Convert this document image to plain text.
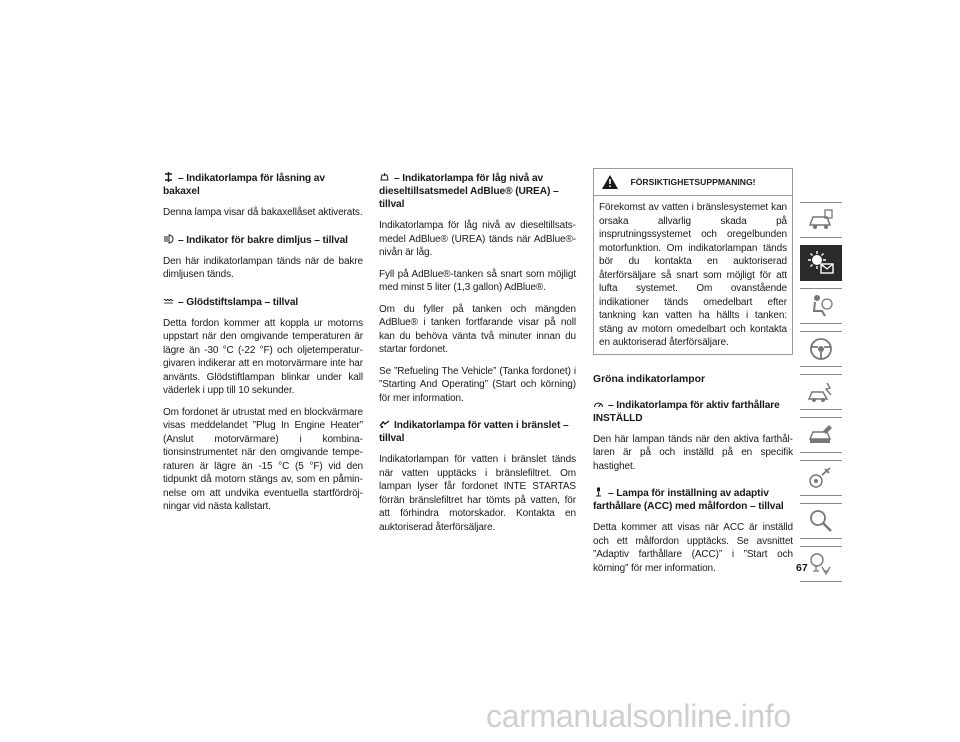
– Indikatorlampa för låsning av bakaxel

Denna lampa visar då bakaxellåset aktiverats.

– Indikator för bakre dimljus – tillval

Den här indikatorlampan tänds när de bakre dimljusen tänds.

– Glödstiftslampa – tillval

Detta fordon kommer att koppla ur motorns uppstart när den omgivande temperaturen är lägre än -30 °C (-22 °F) och oljetemperaturgivaren indikerar att en motorvärmare inte har använts. Glödstiftlampan blinkar under kall väderlek i upp till 10 sekunder.

Om fordonet är utrustat med en blockvärmare visas meddelandet ”Plug In Engine Heater” (Anslut motorvärmare) i kombinationsinstrumentet när den omgivande temperaturen är lägre än -15 °C (5 °F) vid den tidpunkt då motorn stängs av, som en påminnelse om att undvika eventuella startfördröjningar vid nästa kallstart.

– Indikatorlampa för låg nivå av
dieseltillsatsmedel AdBlue® (UREA) – tillval

Indikatorlampa för låg nivå av dieseltillsatsmedel AdBlue® (UREA) tänds när AdBlue®-nivån är låg.

Fyll på AdBlue®-tanken så snart som möjligt med minst 5 liter (1,3 gallon) AdBlue®.

Om du fyller på tanken och mängden AdBlue® i tanken fortfarande visar på noll kan du behöva vänta två minuter innan du startar fordonet.

Se ”Refueling The Vehicle” (Tanka fordonet) i ”Starting And Operating” (Start och körning) för mer information.

Indikatorlampa för vatten i bränslet –
tillval

Indikatorlampan för vatten i bränslet tänds när vatten upptäcks i bränslefiltret. Om lampan lyser får fordonet INTE STARTAS förrän bränslefiltret har tömts på vatten, för att förhindra motorskador. Kontakta en auktoriserad återförsäljare.

FÖRSIKTIGHETSUPPMANING!

Förekomst av vatten i bränslesystemet kan orsaka allvarlig skada på insprutningssystemet och oregelbunden motorfunktion. Om indikatorlampan tänds bör du kontakta en auktoriserad återförsäljare så snart som möjligt för att lufta systemet. Om ovanstående indikationer tänds omedelbart efter tankning kan vatten ha hällts i tanken: stäng av motorn omedelbart och kontakta en auktoriserad återförsäljare.

Gröna indikatorlampor
– Indikatorlampa för aktiv farthållare
INSTÄLLD

Den här lampan tänds när den aktiva farthållaren är på och inställd på en specifik hastighet.

– Lampa för inställning av adaptiv
farthållare (ACC) med målfordon – tillval

Detta kommer att visas när ACC är inställd och ett målfordon upptäcks. Se avsnittet ”Adaptiv farthållare (ACC)” i ”Start och körning” för mer information.	67
carmanualsonline.info
